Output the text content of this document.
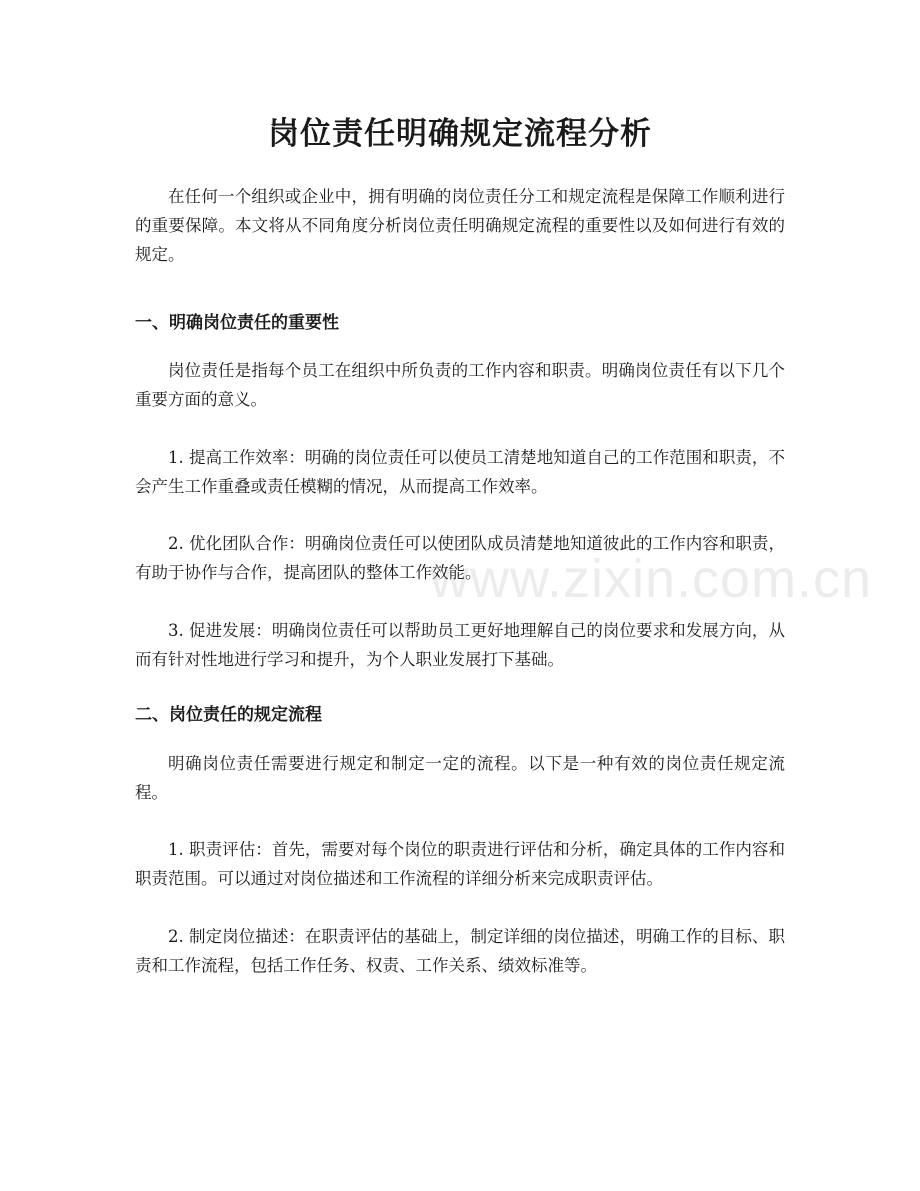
岗位责任明确规定流程分析

在任何一个组织或企业中，拥有明确的岗位责任分工和规定流程是保障工作顺利进行的重要保障。本文将从不同角度分析岗位责任明确规定流程的重要性以及如何进行有效的规定。

一、明确岗位责任的重要性

岗位责任是指每个员工在组织中所负责的工作内容和职责。明确岗位责任有以下几个重要方面的意义。

1. 提高工作效率：明确的岗位责任可以使员工清楚地知道自己的工作范围和职责，不会产生工作重叠或责任模糊的情况，从而提高工作效率。

2. 优化团队合作：明确岗位责任可以使团队成员清楚地知道彼此的工作内容和职责，有助于协作与合作，提高团队的整体工作效能。

3. 促进发展：明确岗位责任可以帮助员工更好地理解自己的岗位要求和发展方向，从而有针对性地进行学习和提升，为个人职业发展打下基础。

二、岗位责任的规定流程

明确岗位责任需要进行规定和制定一定的流程。以下是一种有效的岗位责任规定流程。

1. 职责评估：首先，需要对每个岗位的职责进行评估和分析，确定具体的工作内容和职责范围。可以通过对岗位描述和工作流程的详细分析来完成职责评估。

2. 制定岗位描述：在职责评估的基础上，制定详细的岗位描述，明确工作的目标、职责和工作流程，包括工作任务、权责、工作关系、绩效标准等。

www.zixin.com.cn
